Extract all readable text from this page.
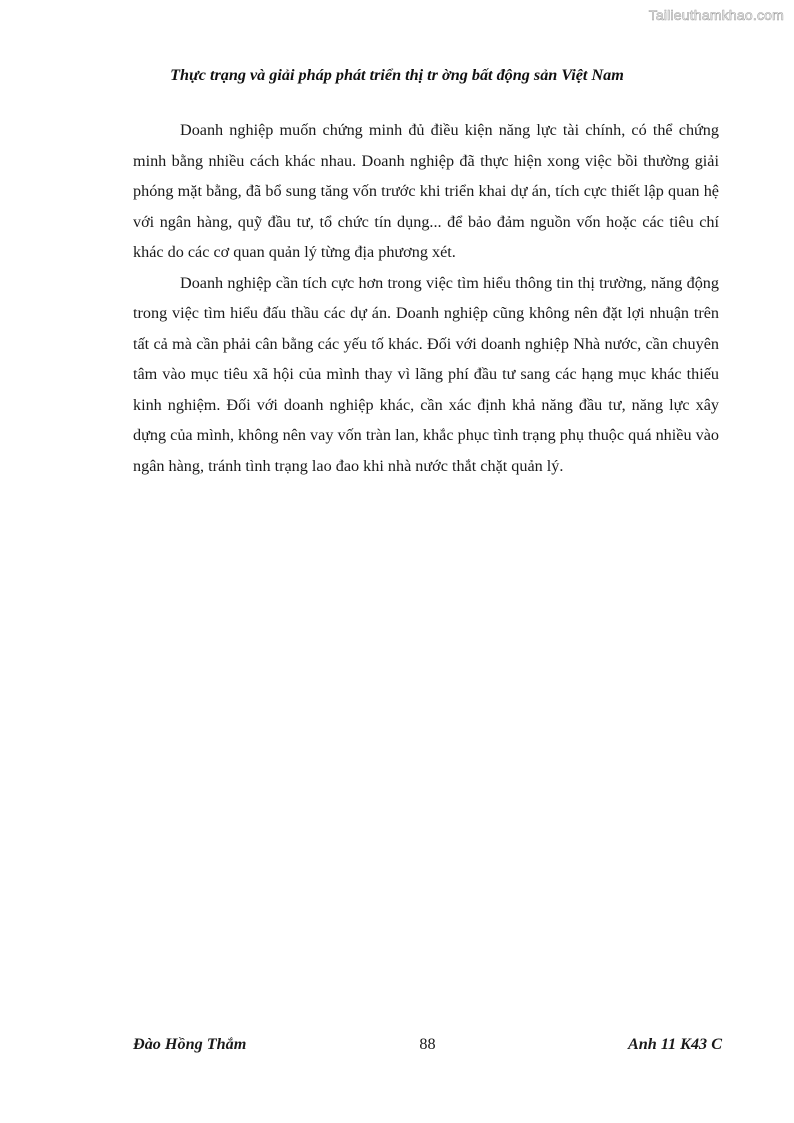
Tailieuthamkhao.com
Thực trạng và giải pháp phát triển thị tr ờng bất động sản Việt Nam

Doanh nghiệp muốn chứng minh đủ điều kiện năng lực tài chính, có thể chứng minh bằng nhiều cách khác nhau. Doanh nghiệp đã thực hiện xong việc bồi thường giải phóng mặt bằng, đã bổ sung tăng vốn trước khi triển khai dự án, tích cực thiết lập quan hệ với ngân hàng, quỹ đầu tư, tổ chức tín dụng... để bảo đảm nguồn vốn hoặc các tiêu chí khác do các cơ quan quản lý từng địa phương xét.

Doanh nghiệp cần tích cực hơn trong việc tìm hiểu thông tin thị trường, năng động trong việc tìm hiểu đấu thầu các dự án. Doanh nghiệp cũng không nên đặt lợi nhuận trên tất cả mà cần phải cân bằng các yếu tố khác. Đối với doanh nghiệp Nhà nước, cần chuyên tâm vào mục tiêu xã hội của mình thay vì lãng phí đầu tư sang các hạng mục khác thiếu kinh nghiệm. Đối với doanh nghiệp khác, cần xác định khả năng đầu tư, năng lực xây dựng của mình, không nên vay vốn tràn lan, khắc phục tình trạng phụ thuộc quá nhiều vào ngân hàng, tránh tình trạng lao đao khi nhà nước thắt chặt quản lý.

Đào Hồng Thắm	88	Anh 11 K43 C
